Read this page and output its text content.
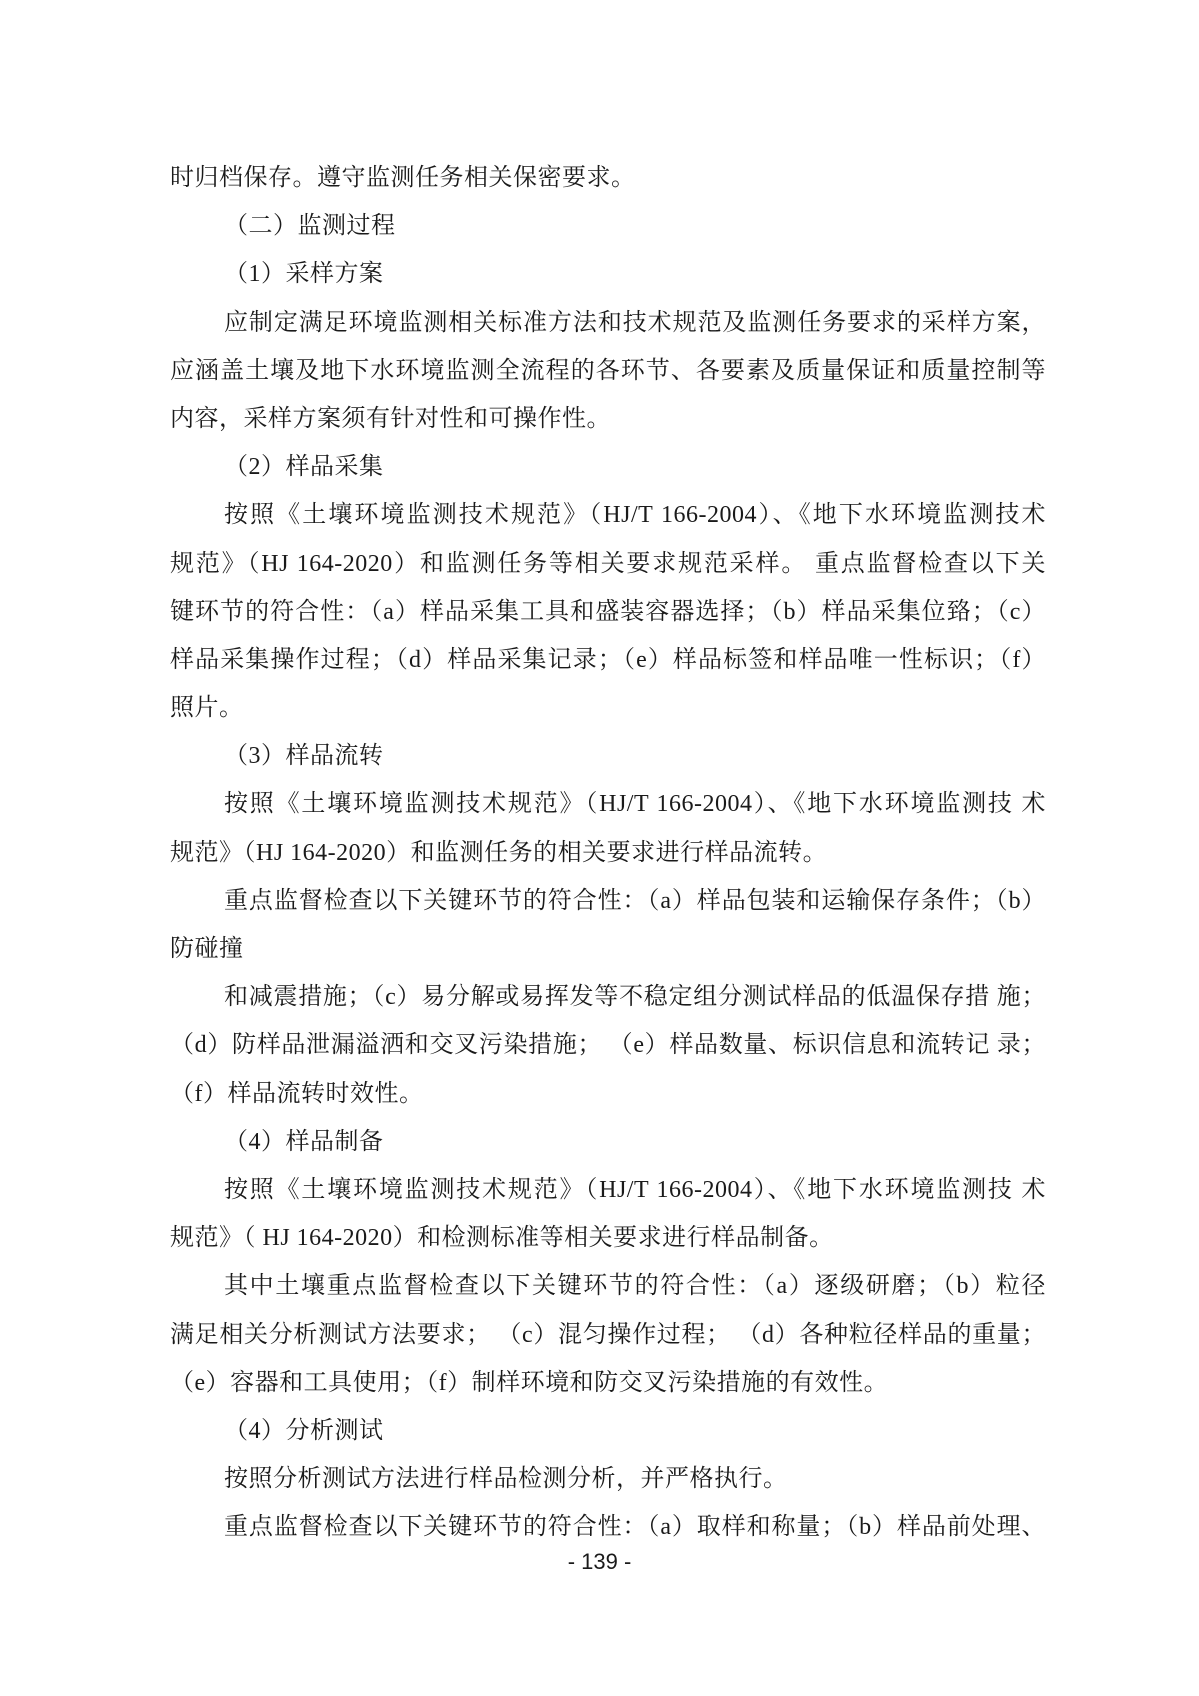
时归档保存。遵守监测任务相关保密要求。
（二）监测过程
（1）采样方案
应制定满足环境监测相关标准方法和技术规范及监测任务要求的采样方案，
应涵盖土壤及地下水环境监测全流程的各环节、各要素及质量保证和质量控制等
内容，采样方案须有针对性和可操作性。
（2）样品采集
按照《土壤环境监测技术规范》（HJ/T 166-2004）、《地下水环境监测技术
规范》（HJ 164-2020）和监测任务等相关要求规范采样。 重点监督检查以下关
键环节的符合性：（a）样品采集工具和盛装容器选择；（b）样品采集位臵；（c）
样品采集操作过程；（d）样品采集记录；（e）样品标签和样品唯一性标识；（f）
照片。
（3）样品流转
按照《土壤环境监测技术规范》（HJ/T 166-2004）、《地下水环境监测技 术
规范》（HJ 164-2020）和监测任务的相关要求进行样品流转。
重点监督检查以下关键环节的符合性：（a）样品包装和运输保存条件；（b）
防碰撞
和减震措施；（c）易分解或易挥发等不稳定组分测试样品的低温保存措 施；
（d）防样品泄漏溢洒和交叉污染措施； （e）样品数量、标识信息和流转记 录；
（f）样品流转时效性。
（4）样品制备
按照《土壤环境监测技术规范》（HJ/T 166-2004）、《地下水环境监测技 术
规范》（ HJ 164-2020）和检测标准等相关要求进行样品制备。
其中土壤重点监督检查以下关键环节的符合性：（a）逐级研磨；（b）粒径
满足相关分析测试方法要求； （c）混匀操作过程； （d）各种粒径样品的重量；
（e）容器和工具使用；（f）制样环境和防交叉污染措施的有效性。
（4）分析测试
按照分析测试方法进行样品检测分析，并严格执行。
重点监督检查以下关键环节的符合性：（a）取样和称量；（b）样品前处理、
- 139 -
